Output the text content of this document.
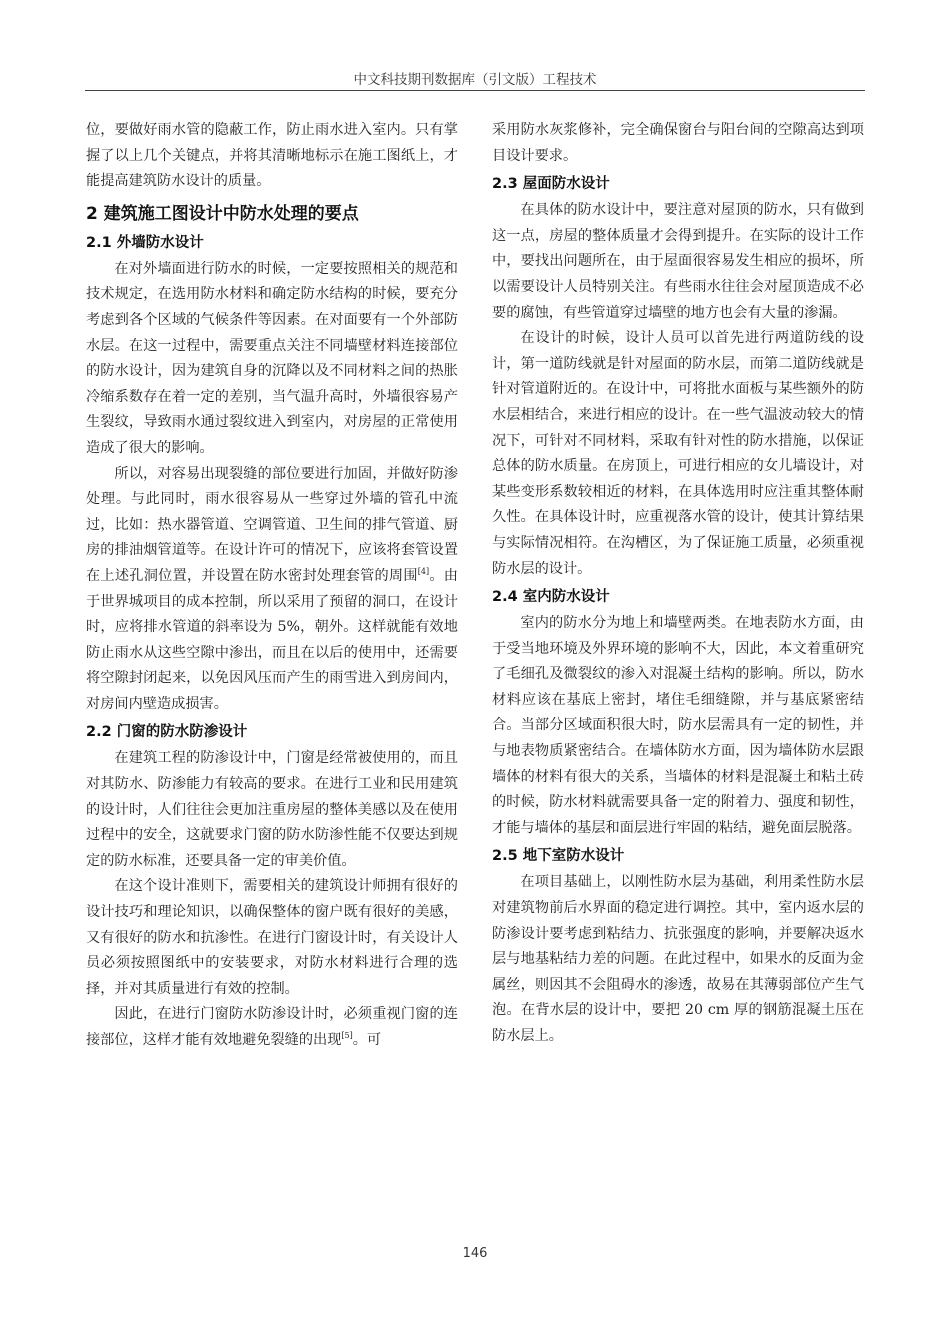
中文科技期刊数据库（引文版）工程技术

位，要做好雨水管的隐蔽工作，防止雨水进入室内。只有掌握了以上几个关键点，并将其清晰地标示在施工图纸上，才能提高建筑防水设计的质量。

2 建筑施工图设计中防水处理的要点
2.1 外墙防水设计

在对外墙面进行防水的时候，一定要按照相关的规范和技术规定，在选用防水材料和确定防水结构的时候，要充分考虑到各个区域的气候条件等因素。在对面要有一个外部防水层。在这一过程中，需要重点关注不同墙壁材料连接部位的防水设计，因为建筑自身的沉降以及不同材料之间的热胀冷缩系数存在着一定的差别，当气温升高时，外墙很容易产生裂纹，导致雨水通过裂纹进入到室内，对房屋的正常使用造成了很大的影响。

所以，对容易出现裂缝的部位要进行加固，并做好防渗处理。与此同时，雨水很容易从一些穿过外墙的管孔中流过，比如：热水器管道、空调管道、卫生间的排气管道、厨房的排油烟管道等。在设计许可的情况下，应该将套管设置在上述孔洞位置，并设置在防水密封处理套管的周围[4]。由于世界城项目的成本控制，所以采用了预留的洞口，在设计时，应将排水管道的斜率设为 5%，朝外。这样就能有效地防止雨水从这些空隙中渗出，而且在以后的使用中，还需要将空隙封闭起来，以免因风压而产生的雨雪进入到房间内，对房间内壁造成损害。

2.2 门窗的防水防渗设计

在建筑工程的防渗设计中，门窗是经常被使用的，而且对其防水、防渗能力有较高的要求。在进行工业和民用建筑的设计时，人们往往会更加注重房屋的整体美感以及在使用过程中的安全，这就要求门窗的防水防渗性能不仅要达到规定的防水标准，还要具备一定的审美价值。

在这个设计准则下，需要相关的建筑设计师拥有很好的设计技巧和理论知识，以确保整体的窗户既有很好的美感，又有很好的防水和抗渗性。在进行门窗设计时，有关设计人员必须按照图纸中的安装要求，对防水材料进行合理的选择，并对其质量进行有效的控制。

因此，在进行门窗防水防渗设计时，必须重视门窗的连接部位，这样才能有效地避免裂缝的出现[5]。可

采用防水灰浆修补，完全确保窗台与阳台间的空隙高达到项目设计要求。

2.3 屋面防水设计

在具体的防水设计中，要注意对屋顶的防水，只有做到这一点，房屋的整体质量才会得到提升。在实际的设计工作中，要找出问题所在，由于屋面很容易发生相应的损坏，所以需要设计人员特别关注。有些雨水往往会对屋顶造成不必要的腐蚀，有些管道穿过墙壁的地方也会有大量的渗漏。

在设计的时候，设计人员可以首先进行两道防线的设计，第一道防线就是针对屋面的防水层，而第二道防线就是针对管道附近的。在设计中，可将批水面板与某些额外的防水层相结合，来进行相应的设计。在一些气温波动较大的情况下，可针对不同材料，采取有针对性的防水措施，以保证总体的防水质量。在房顶上，可进行相应的女儿墙设计，对某些变形系数较相近的材料，在具体选用时应注重其整体耐久性。在具体设计时，应重视落水管的设计，使其计算结果与实际情况相符。在沟槽区，为了保证施工质量，必须重视防水层的设计。

2.4 室内防水设计

室内的防水分为地上和墙壁两类。在地表防水方面，由于受当地环境及外界环境的影响不大，因此，本文着重研究了毛细孔及微裂纹的渗入对混凝土结构的影响。所以，防水材料应该在基底上密封，堵住毛细缝隙，并与基底紧密结合。当部分区域面积很大时，防水层需具有一定的韧性，并与地表物质紧密结合。在墙体防水方面，因为墙体防水层跟墙体的材料有很大的关系，当墙体的材料是混凝土和粘土砖的时候，防水材料就需要具备一定的附着力、强度和韧性，才能与墙体的基层和面层进行牢固的粘结，避免面层脱落。

2.5 地下室防水设计

在项目基础上，以刚性防水层为基础，利用柔性防水层对建筑物前后水界面的稳定进行调控。其中，室内返水层的防渗设计要考虑到粘结力、抗张强度的影响，并要解决返水层与地基粘结力差的问题。在此过程中，如果水的反面为金属丝，则因其不会阻碍水的渗透，故易在其薄弱部位产生气泡。在背水层的设计中，要把 20 cm 厚的钢筋混凝土压在防水层上。

146
